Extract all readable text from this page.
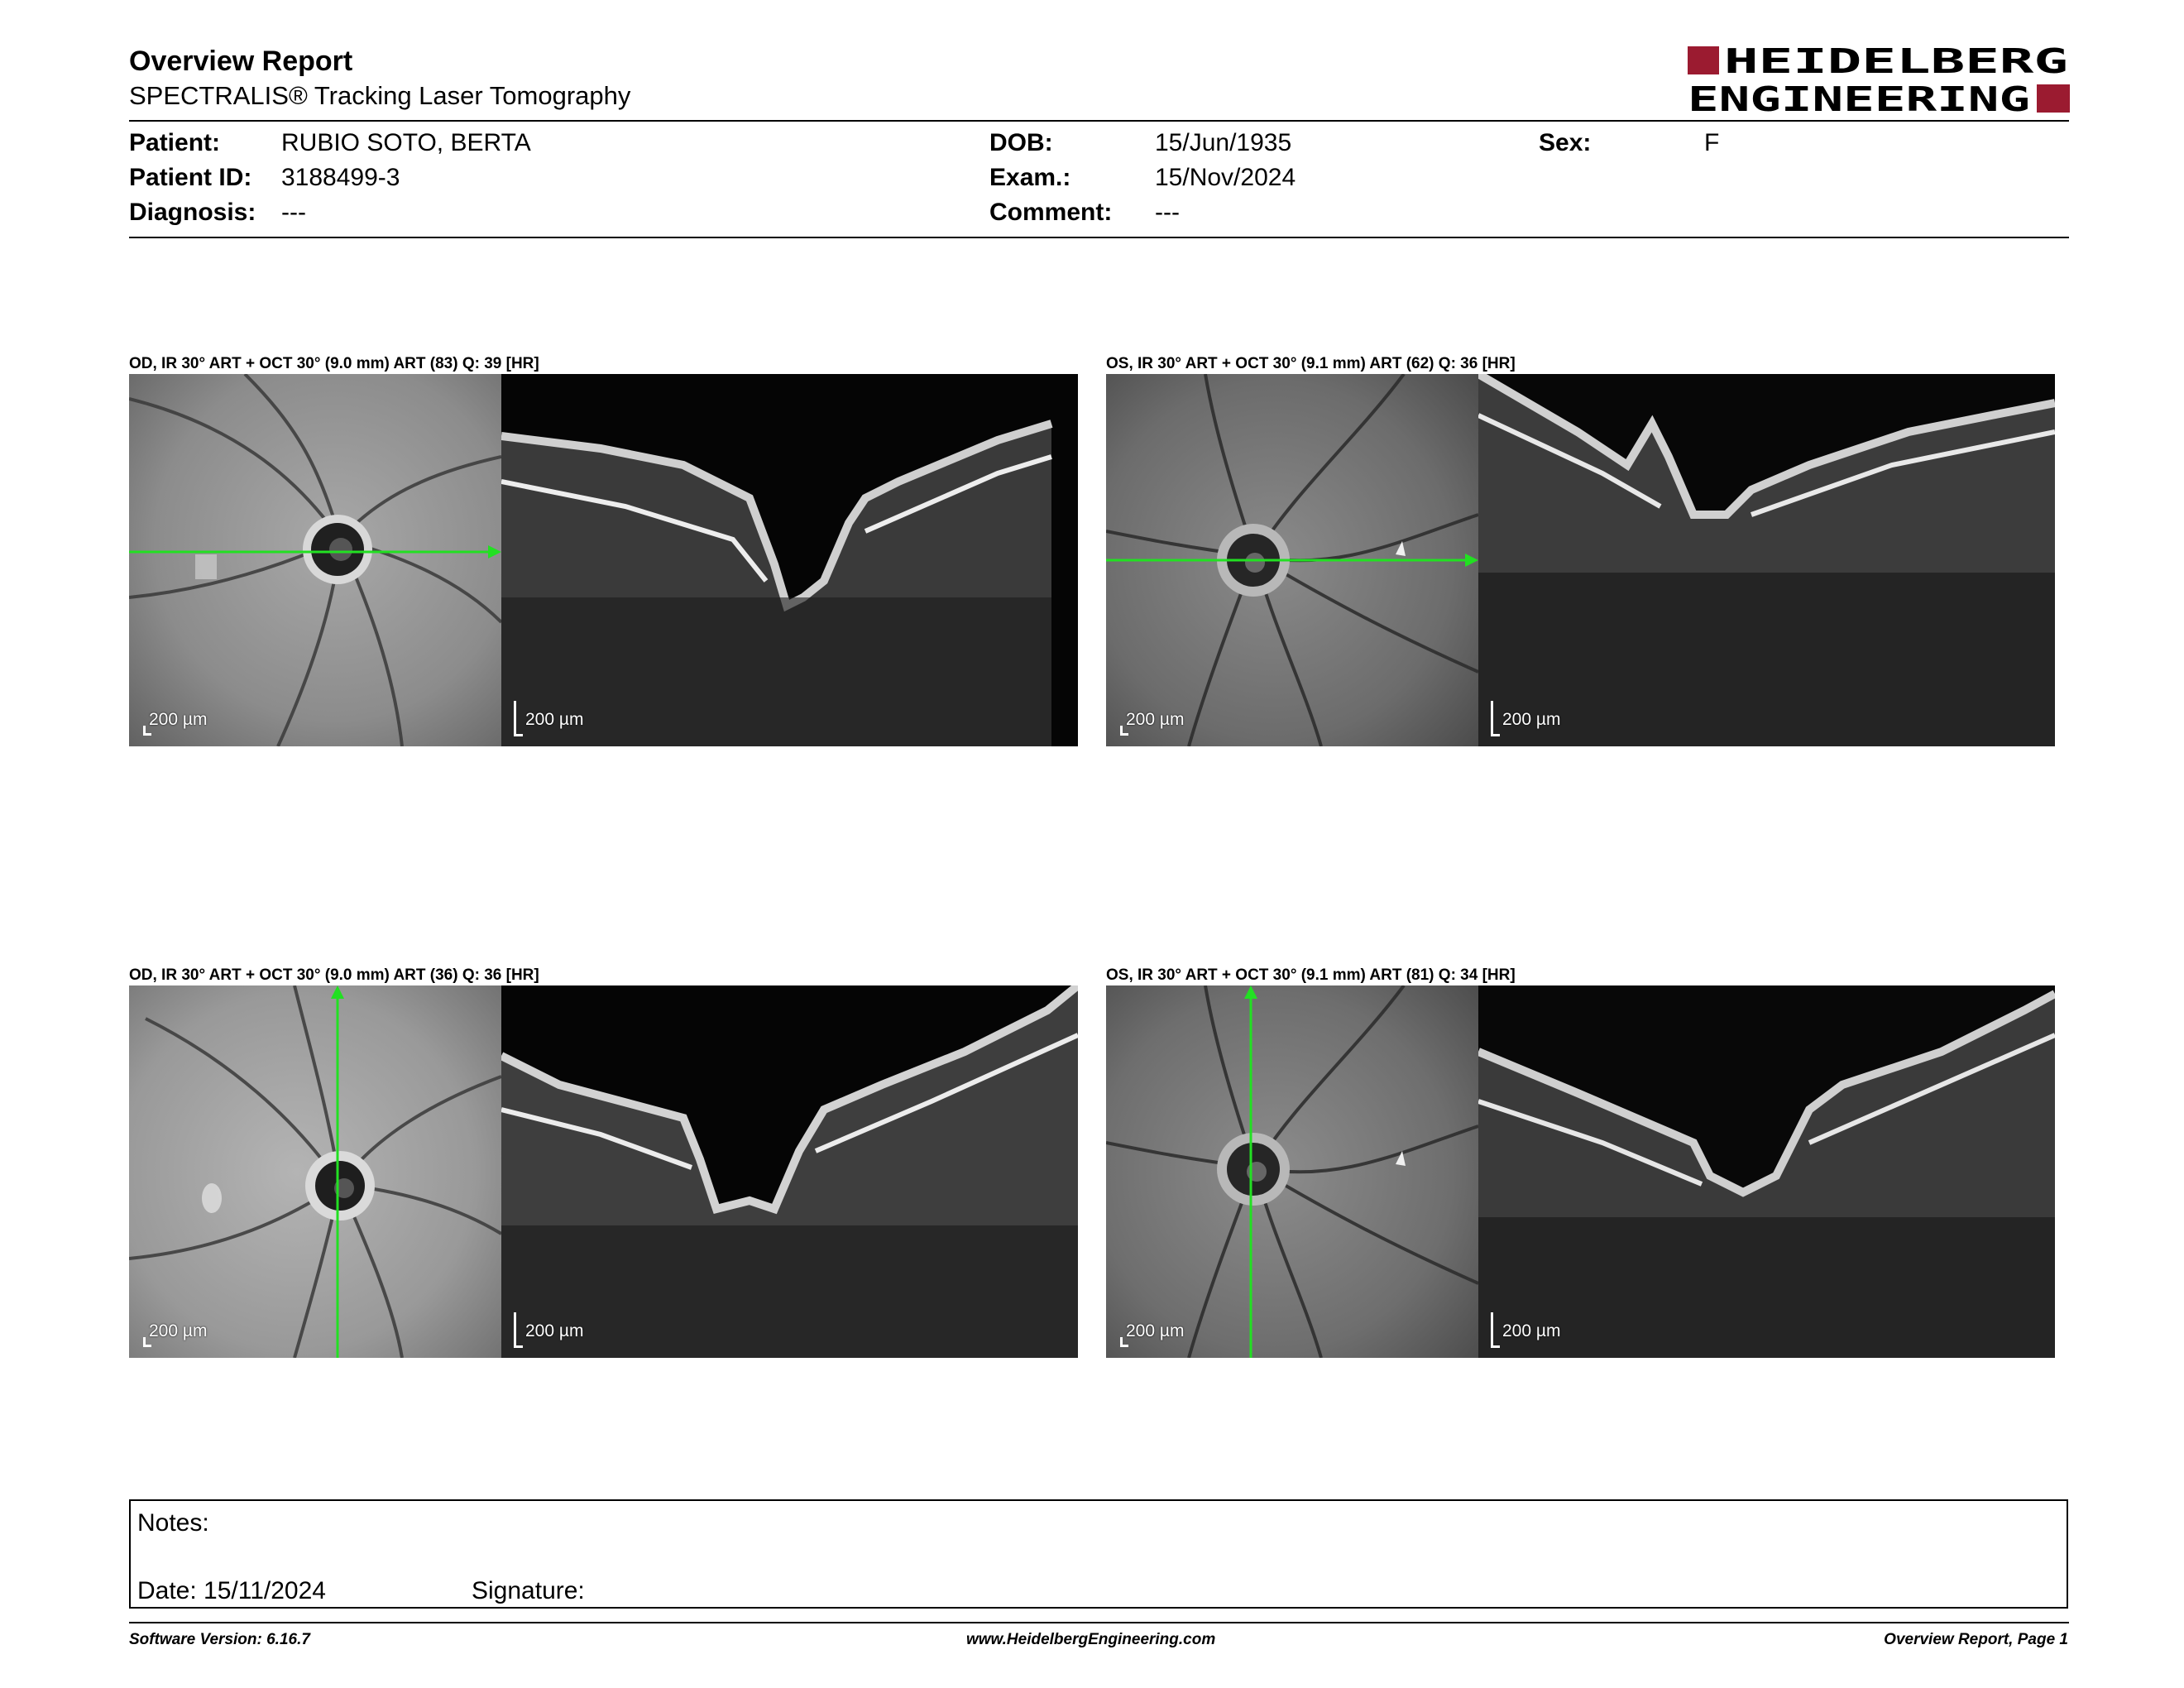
Overview Report
SPECTRALIS® Tracking Laser Tomography
HEIDELBERG
ENGINEERING
Patient: RUBIO SOTO, BERTA
Patient ID: 3188499-3
Diagnosis: ---
DOB:	15/Jun/1935
Exam.:	15/Nov/2024
Comment: ---
Sex:	F
OD, IR 30° ART + OCT 30° (9.0 mm) ART (83) Q: 39 [HR]
200 µm	200 µm
OS, IR 30° ART + OCT 30° (9.1 mm) ART (62) Q: 36 [HR]
200 µm	200 µm
OD, IR 30° ART + OCT 30° (9.0 mm) ART (36) Q: 36 [HR]
200 µm	200 µm
OS, IR 30° ART + OCT 30° (9.1 mm) ART (81) Q: 34 [HR]
200 µm	200 µm
Notes:
Date: 15/11/2024	Signature:
Software Version: 6.16.7	www.HeidelbergEngineering.com	Overview Report, Page 1
